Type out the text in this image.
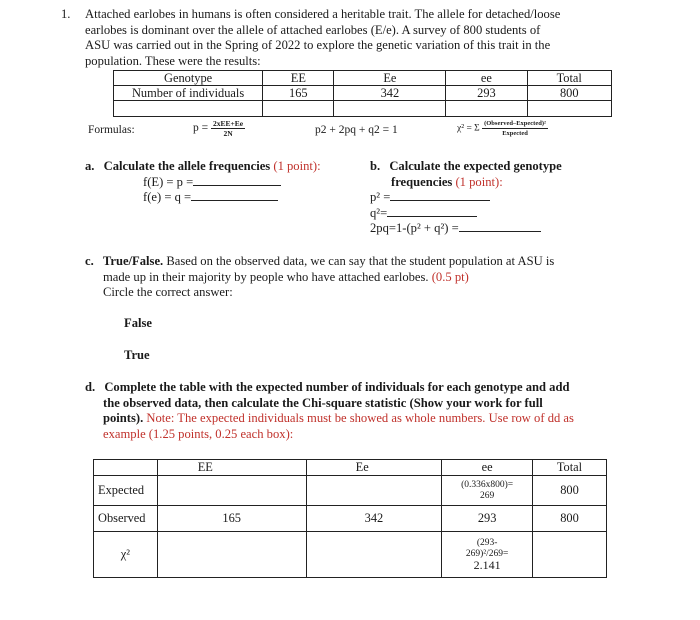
1. Attached earlobes in humans is often considered a heritable trait. The allele for detached/loose
earlobes is dominant over the allele of attached earlobes (E/e). A survey of 800 students of
ASU was carried out in the Spring of 2022 to explore the genetic variation of this trait in the
population. These were the results:
Genotype	EE	Ee	ee	Total
Number of individuals	165	342	293	800

Formulas:	$p = \frac{\text{2xEE+Ee}}{2N}$	p2 + 2pq + q2 = 1	χ² = Σ $\frac{\text{(Observed–Expected)²}}{\text{Expected}}$
a. Calculate the allele frequencies (1 point):
f(E) = p =
f(e) = q =
b. Calculate the expected genotype
frequencies (1 point):
p² =
q²=
2pq=1-(p² + q²) =
c. True/False. Based on the observed data, we can say that the student population at ASU is
made up in their majority by people who have attached earlobes. (0.5 pt)
Circle the correct answer:
False
True
d. Complete the table with the expected number of individuals for each genotype and add
the observed data, then calculate the Chi-square statistic (Show your work for full
points). Note: The expected individuals must be showed as whole numbers. Use row of dd as
example (1.25 points, 0.25 each box):
	EE	Ee	ee	Total
Expected			(0.336x800)=
269	800
Observed	165	342	293	800
χ²			(293-
269)²/269=
2.141	
